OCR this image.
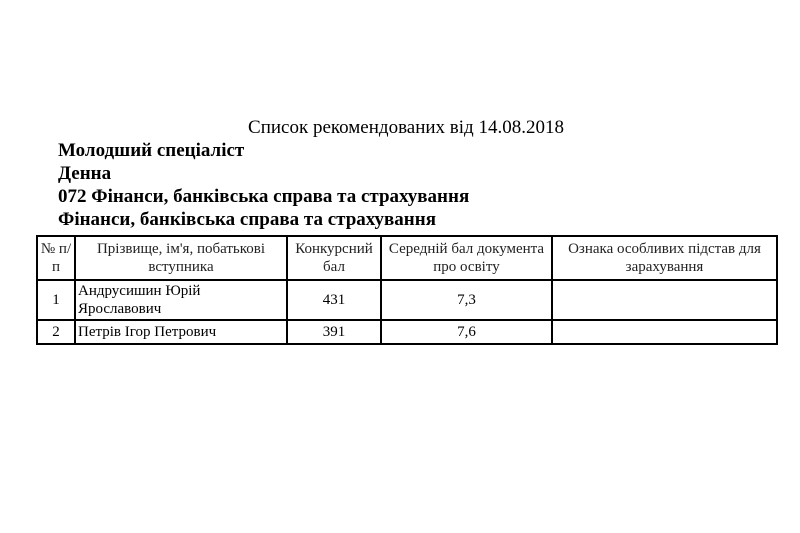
Список рекомендованих від 14.08.2018
Молодший спеціаліст
Денна
072 Фінанси, банківська справа та страхування
Фінанси, банківська справа та страхування
№ п/п	Прізвище, ім'я, побатькові вступника	Конкурсний бал	Середній бал документа про освіту	Ознака особливих підстав для зарахування
1	Андрусишин Юрій Ярославович	431	7,3	
2	Петрів Ігор Петрович	391	7,6	
